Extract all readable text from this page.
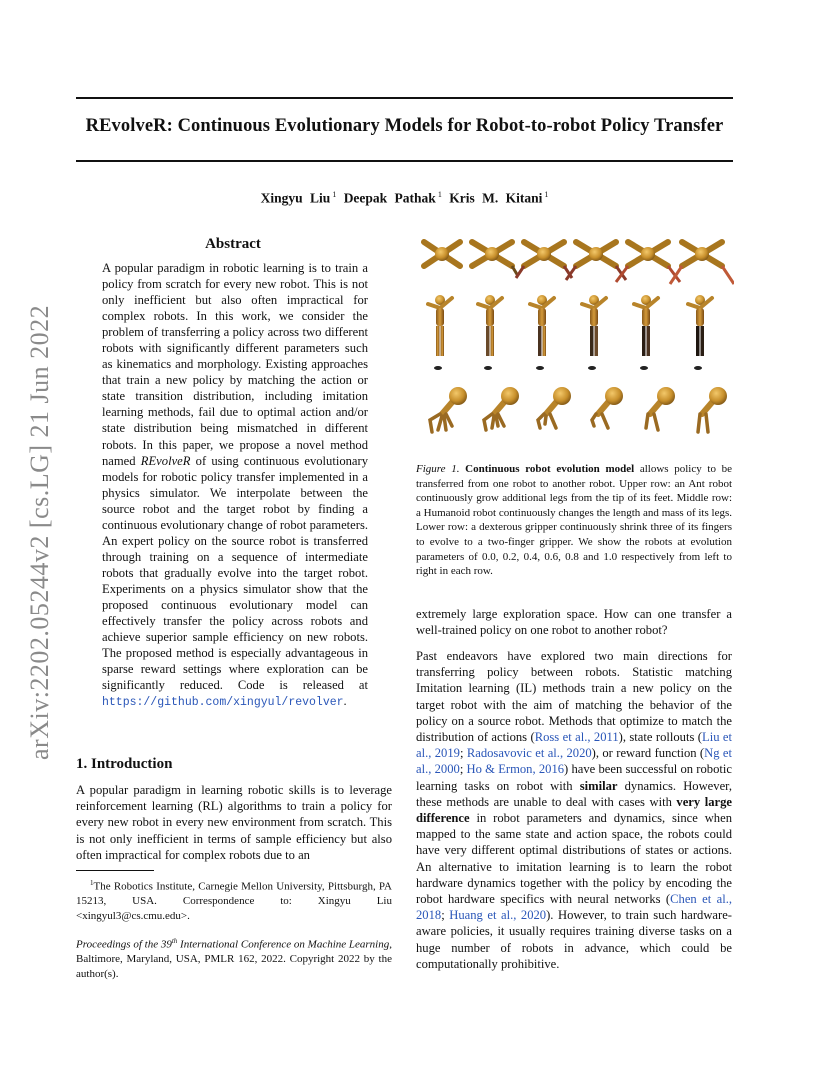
REvolveR: Continuous Evolutionary Models for Robot-to-robot Policy Transfer
Xingyu Liu $^1$ Deepak Pathak $^1$ Kris M. Kitani $^1$
arXiv:2202.05244v2 [cs.LG] 21 Jun 2022
Abstract
A popular paradigm in robotic learning is to train a policy from scratch for every new robot. This is not only inefficient but also often impractical for complex robots. In this work, we consider the problem of transferring a policy across two different robots with significantly different parameters such as kinematics and morphology. Existing approaches that train a new policy by matching the action or state transition distribution, including imitation learning methods, fail due to optimal action and/or state distribution being mismatched in different robots. In this paper, we propose a novel method named REvolveR of using continuous evolutionary models for robotic policy transfer implemented in a physics simulator. We interpolate between the source robot and the target robot by finding a continuous evolutionary change of robot parameters. An expert policy on the source robot is transferred through training on a sequence of intermediate robots that gradually evolve into the target robot. Experiments on a physics simulator show that the proposed continuous evolutionary model can effectively transfer the policy across robots and achieve superior sample efficiency on new robots. The proposed method is especially advantageous in sparse reward settings where exploration can be significantly reduced. Code is released at https://github.com/xingyul/revolver.
1. Introduction
A popular paradigm in learning robotic skills is to leverage reinforcement learning (RL) algorithms to train a policy for every new robot in every new environment from scratch. This is not only inefficient in terms of sample efficiency but also often impractical for complex robots due to an
$^1$The Robotics Institute, Carnegie Mellon University, Pittsburgh, PA 15213, USA. Correspondence to: Xingyu Liu <xingyul3@cs.cmu.edu>.
Proceedings of the 39th International Conference on Machine Learning, Baltimore, Maryland, USA, PMLR 162, 2022. Copyright 2022 by the author(s).
Figure 1. Continuous robot evolution model allows policy to be transferred from one robot to another robot. Upper row: an Ant robot continuously grow additional legs from the tip of its feet. Middle row: a Humanoid robot continuously changes the length and mass of its legs. Lower row: a dexterous gripper continuously shrink three of its fingers to evolve to a two-finger gripper. We show the robots at evolution parameters of 0.0, 0.2, 0.4, 0.6, 0.8 and 1.0 respectively from left to right in each row.
extremely large exploration space. How can one transfer a well-trained policy on one robot to another robot?
Past endeavors have explored two main directions for transferring policy between robots. Statistic matching Imitation learning (IL) methods train a new policy on the target robot with the aim of matching the behavior of the policy on a source robot. Methods that optimize to match the distribution of actions (Ross et al., 2011), state rollouts (Liu et al., 2019; Radosavovic et al., 2020), or reward function (Ng et al., 2000; Ho & Ermon, 2016) have been successful on robotic learning tasks on robot with similar dynamics. However, these methods are unable to deal with cases with very large difference in robot parameters and dynamics, since when mapped to the same state and action space, the robots could have very different optimal distributions of states or actions. An alternative to imitation learning is to learn the robot hardware dynamics together with the policy by encoding the robot hardware specifics with neural networks (Chen et al., 2018; Huang et al., 2020). However, to train such hardware-aware policies, it usually requires training diverse tasks on a huge number of robots in advance, which could be computationally prohibitive.
